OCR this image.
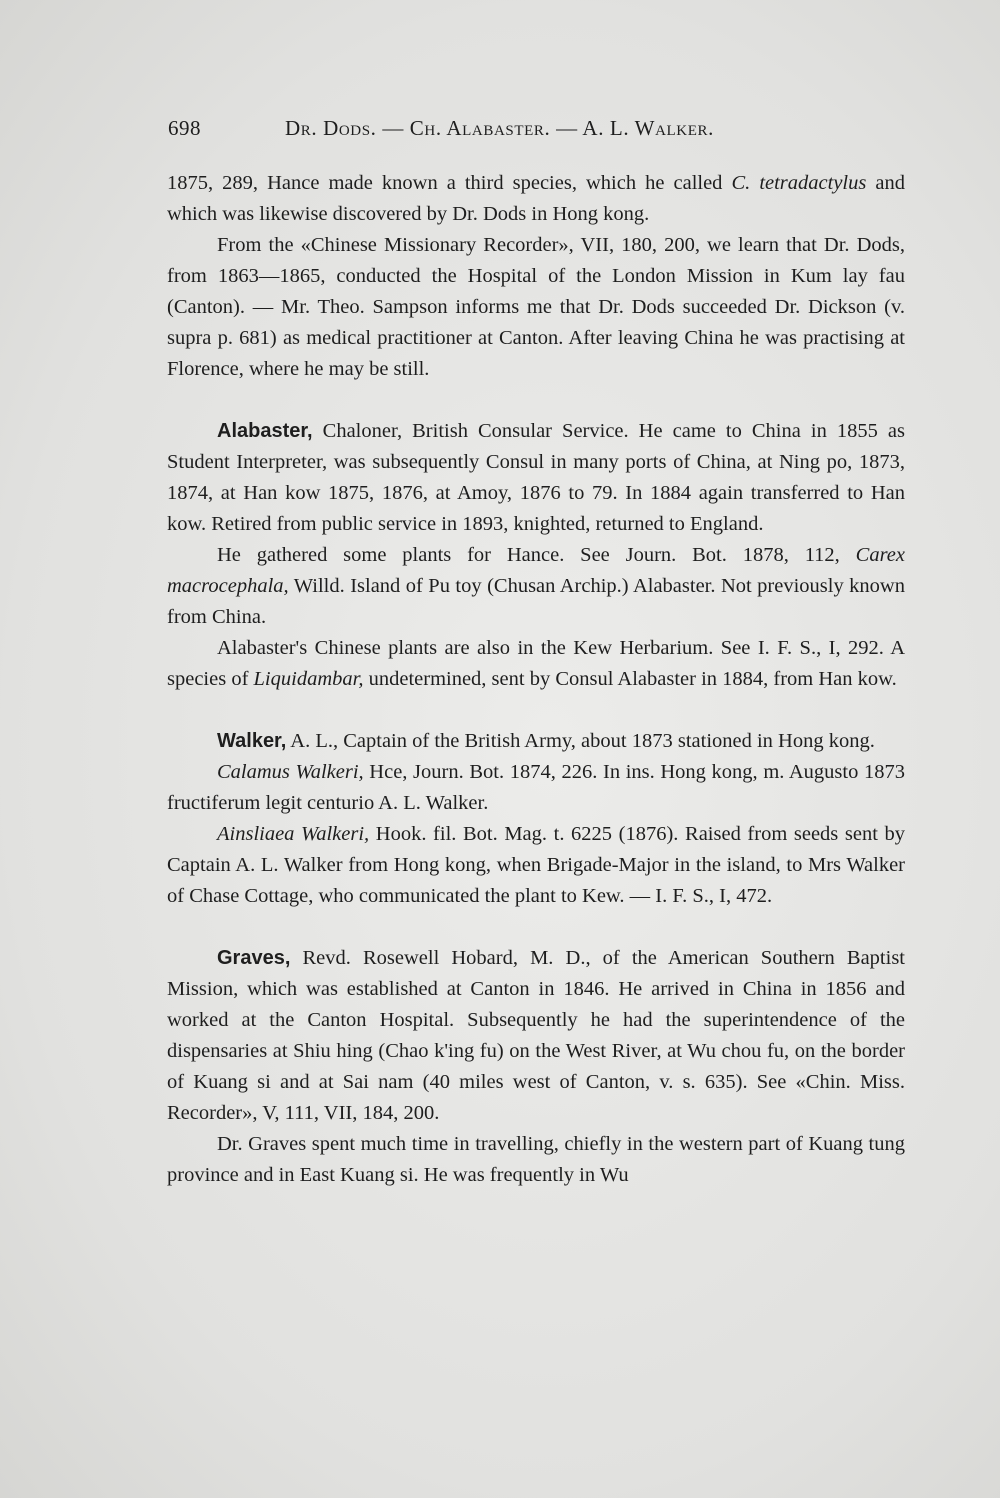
698	Dr. Dods. — Ch. Alabaster. — A. L. Walker.

1875, 289, Hance made known a third species, which he called C. tetradactylus and which was likewise discovered by Dr. Dods in Hong kong.

From the «Chinese Missionary Recorder», VII, 180, 200, we learn that Dr. Dods, from 1863—1865, conducted the Hospital of the London Mission in Kum lay fau (Canton). — Mr. Theo. Sampson informs me that Dr. Dods succeeded Dr. Dickson (v. supra p. 681) as medical practitioner at Canton. After leaving China he was practising at Florence, where he may be still.

Alabaster, Chaloner, British Consular Service. He came to China in 1855 as Student Interpreter, was subsequently Consul in many ports of China, at Ning po, 1873, 1874, at Han kow 1875, 1876, at Amoy, 1876 to 79. In 1884 again transferred to Han kow. Retired from public service in 1893, knighted, returned to England.

He gathered some plants for Hance. See Journ. Bot. 1878, 112, Carex macrocephala, Willd. Island of Pu toy (Chusan Archip.) Alabaster. Not previously known from China.

Alabaster's Chinese plants are also in the Kew Herbarium. See I. F. S., I, 292. A species of Liquidambar, undetermined, sent by Consul Alabaster in 1884, from Han kow.

Walker, A. L., Captain of the British Army, about 1873 stationed in Hong kong.

Calamus Walkeri, Hce, Journ. Bot. 1874, 226. In ins. Hong kong, m. Augusto 1873 fructiferum legit centurio A. L. Walker.

Ainsliaea Walkeri, Hook. fil. Bot. Mag. t. 6225 (1876). Raised from seeds sent by Captain A. L. Walker from Hong kong, when Brigade-Major in the island, to Mrs Walker of Chase Cottage, who communicated the plant to Kew. — I. F. S., I, 472.

Graves, Revd. Rosewell Hobard, M. D., of the American Southern Baptist Mission, which was established at Canton in 1846. He arrived in China in 1856 and worked at the Canton Hospital. Subsequently he had the superintendence of the dispensaries at Shiu hing (Chao k'ing fu) on the West River, at Wu chou fu, on the border of Kuang si and at Sai nam (40 miles west of Canton, v. s. 635). See «Chin. Miss. Recorder», V, 111, VII, 184, 200.

Dr. Graves spent much time in travelling, chiefly in the western part of Kuang tung province and in East Kuang si. He was frequently in Wu
